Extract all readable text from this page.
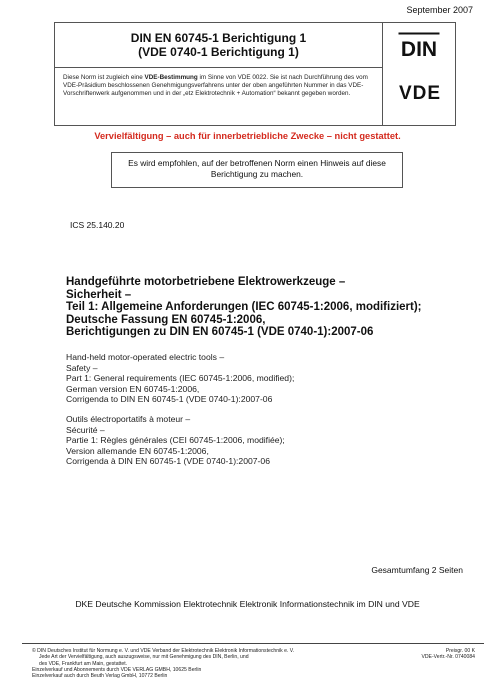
September 2007
DIN EN 60745-1 Berichtigung 1
(VDE 0740-1 Berichtigung 1)
Diese Norm ist zugleich eine VDE-Bestimmung im Sinne von VDE 0022. Sie ist nach Durchführung des vom VDE-Präsidium beschlossenen Genehmigungsverfahrens unter der oben angeführten Nummer in das VDE-Vorschriftenwerk aufgenommen und in der „etz Elektrotechnik + Automation“ bekannt gegeben worden.
DIN
VDE
Vervielfältigung – auch für innerbetriebliche Zwecke – nicht gestattet.
Es wird empfohlen, auf der betroffenen Norm einen Hinweis auf diese Berichtigung zu machen.
ICS 25.140.20
Handgeführte motorbetriebene Elektrowerkzeuge –
Sicherheit –
Teil 1: Allgemeine Anforderungen (IEC 60745-1:2006, modifiziert);
Deutsche Fassung EN 60745-1:2006,
Berichtigungen zu DIN EN 60745-1 (VDE 0740-1):2007-06
Hand-held motor-operated electric tools –
Safety –
Part 1: General requirements (IEC 60745-1:2006, modified);
German version EN 60745-1:2006,
Corrigenda to DIN EN 60745-1 (VDE 0740-1):2007-06
Outils électroportatifs à moteur –
Sécurité –
Partie 1: Règles générales (CEI 60745-1:2006, modifiée);
Version allemande EN 60745-1:2006,
Corrigenda à DIN EN 60745-1 (VDE 0740-1):2007-06
Gesamtumfang 2 Seiten
DKE Deutsche Kommission Elektrotechnik Elektronik Informationstechnik im DIN und VDE
© DIN Deutsches Institut für Normung e. V. und VDE Verband der Elektrotechnik Elektronik Informationstechnik e. V.
Jede Art der Vervielfältigung, auch auszugsweise, nur mit Genehmigung des DIN, Berlin, und
des VDE, Frankfurt am Main, gestattet.
Einzelverkauf und Abonnements durch VDE VERLAG GMBH, 10625 Berlin
Einzelverkauf auch durch Beuth Verlag GmbH, 10772 Berlin
Preisgr. 00 K
VDE-Vertr.-Nr. 0740084
